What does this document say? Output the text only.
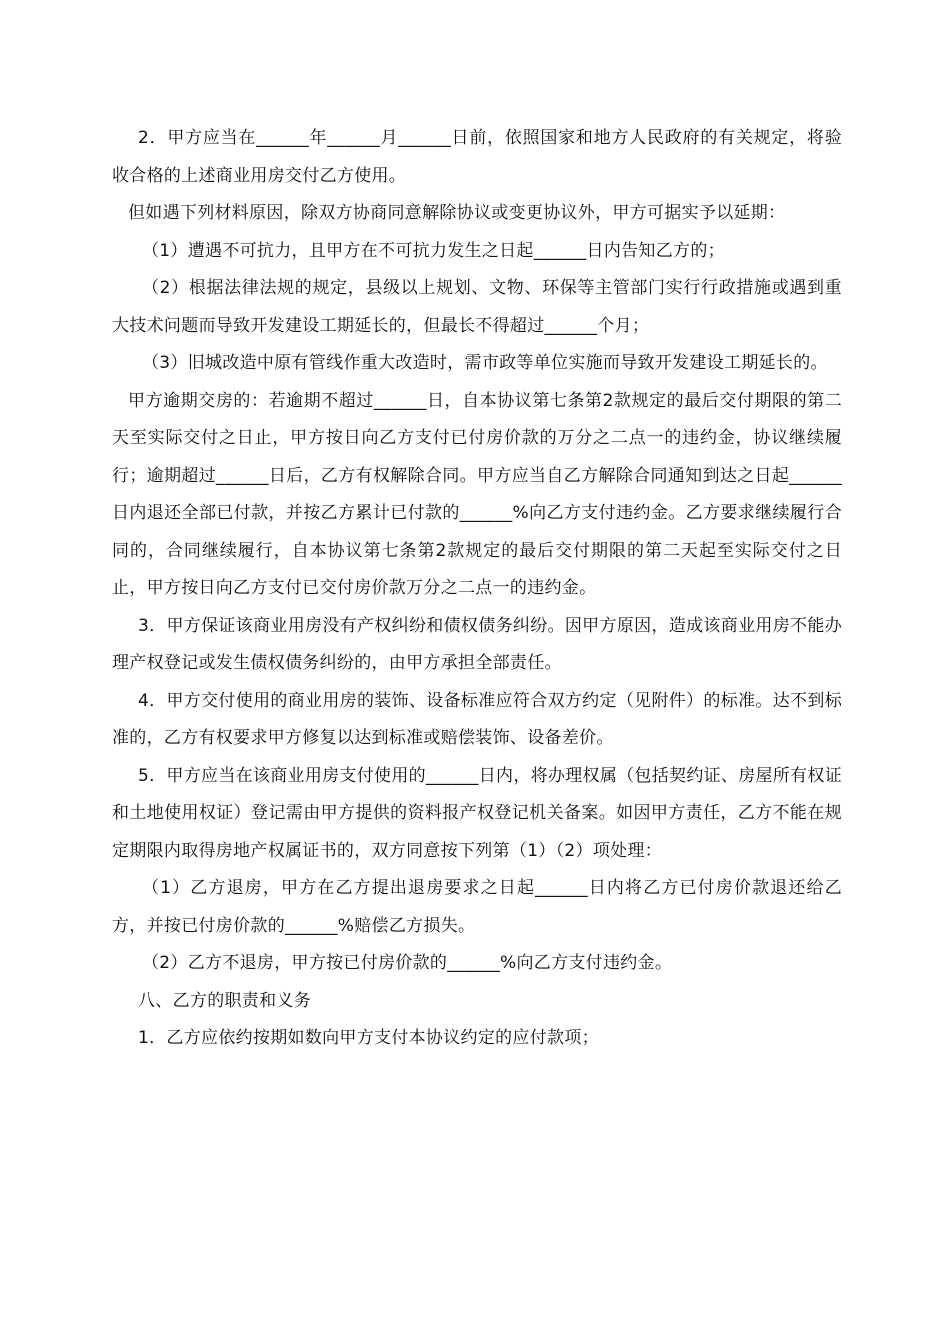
2．甲方应当在______年______月______日前，依照国家和地方人民政府的有关规定，将验收合格的上述商业用房交付乙方使用。

但如遇下列材料原因，除双方协商同意解除协议或变更协议外，甲方可据实予以延期：

（1）遭遇不可抗力，且甲方在不可抗力发生之日起______日内告知乙方的；

（2）根据法律法规的规定，县级以上规划、文物、环保等主管部门实行行政措施或遇到重大技术问题而导致开发建设工期延长的，但最长不得超过______个月；

（3）旧城改造中原有管线作重大改造时，需市政等单位实施而导致开发建设工期延长的。

甲方逾期交房的：若逾期不超过______日，自本协议第七条第2款规定的最后交付期限的第二天至实际交付之日止，甲方按日向乙方支付已付房价款的万分之二点一的违约金，协议继续履行；逾期超过______日后，乙方有权解除合同。甲方应当自乙方解除合同通知到达之日起______日内退还全部已付款，并按乙方累计已付款的______%向乙方支付违约金。乙方要求继续履行合同的，合同继续履行，自本协议第七条第2款规定的最后交付期限的第二天起至实际交付之日止，甲方按日向乙方支付已交付房价款万分之二点一的违约金。

3．甲方保证该商业用房没有产权纠纷和债权债务纠纷。因甲方原因，造成该商业用房不能办理产权登记或发生债权债务纠纷的，由甲方承担全部责任。

4．甲方交付使用的商业用房的装饰、设备标准应符合双方约定（见附件）的标准。达不到标准的，乙方有权要求甲方修复以达到标准或赔偿装饰、设备差价。

5．甲方应当在该商业用房支付使用的______日内，将办理权属（包括契约证、房屋所有权证和土地使用权证）登记需由甲方提供的资料报产权登记机关备案。如因甲方责任，乙方不能在规定期限内取得房地产权属证书的，双方同意按下列第（1）（2）项处理：

（1）乙方退房，甲方在乙方提出退房要求之日起______日内将乙方已付房价款退还给乙方，并按已付房价款的______%赔偿乙方损失。

（2）乙方不退房，甲方按已付房价款的______%向乙方支付违约金。

八、乙方的职责和义务

1．乙方应依约按期如数向甲方支付本协议约定的应付款项；
